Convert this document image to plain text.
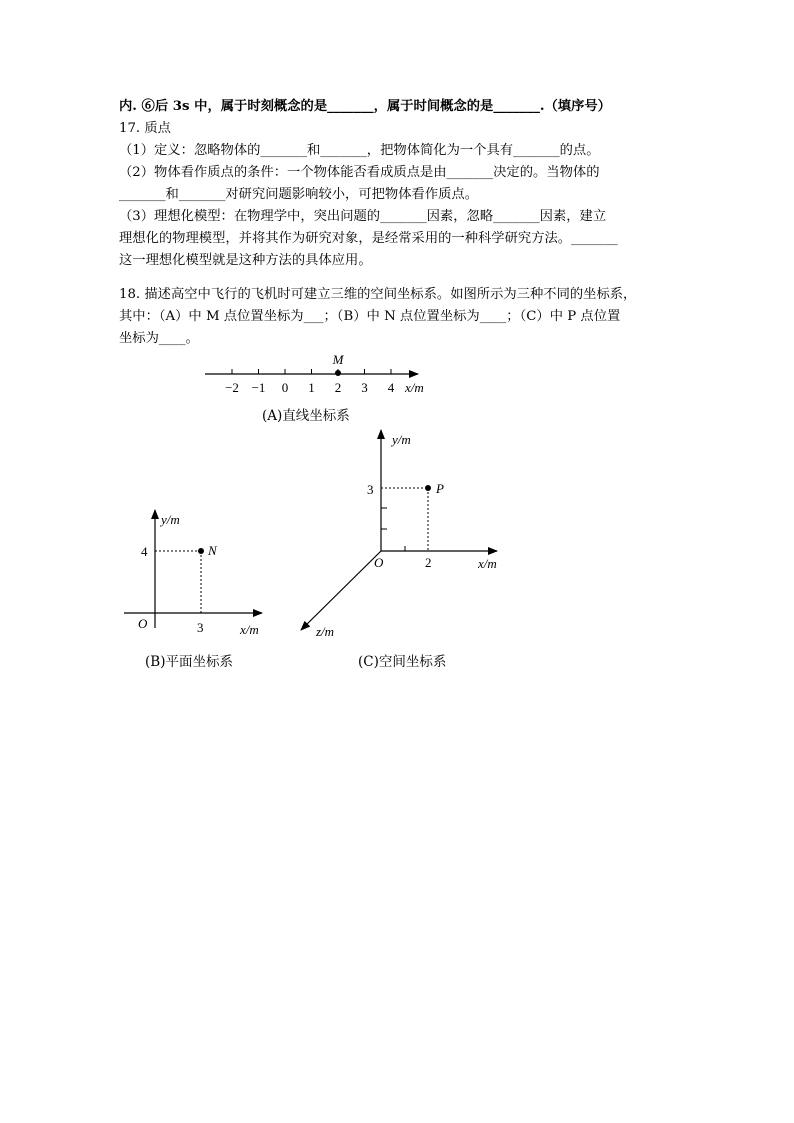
内. ⑥后 3s 中，属于时刻概念的是_______，属于时间概念的是_______.（填序号）
17. 质点
（1）定义：忽略物体的_______和_______，把物体简化为一个具有_______的点。
（2）物体看作质点的条件：一个物体能否看成质点是由_______决定的。当物体的
_______和_______对研究问题影响较小，可把物体看作质点。
（3）理想化模型：在物理学中，突出问题的_______因素，忽略_______因素，建立
理想化的物理模型，并将其作为研究对象，是经常采用的一种科学研究方法。_______
这一理想化模型就是这种方法的具体应用。
18. 描述高空中飞行的飞机时可建立三维的空间坐标系。如图所示为三种不同的坐标系，
其中：（A）中 M 点位置坐标为___；（B）中 N 点位置坐标为____；（C）中 P 点位置
坐标为____。
−2 −1 0 1 2 3 4
M
x/m
(A)直线坐标系
N
y/m
4
O	3	x/m
(B)平面坐标系
P
y/m
3
O	2	x/m
z/m
(C)空间坐标系
